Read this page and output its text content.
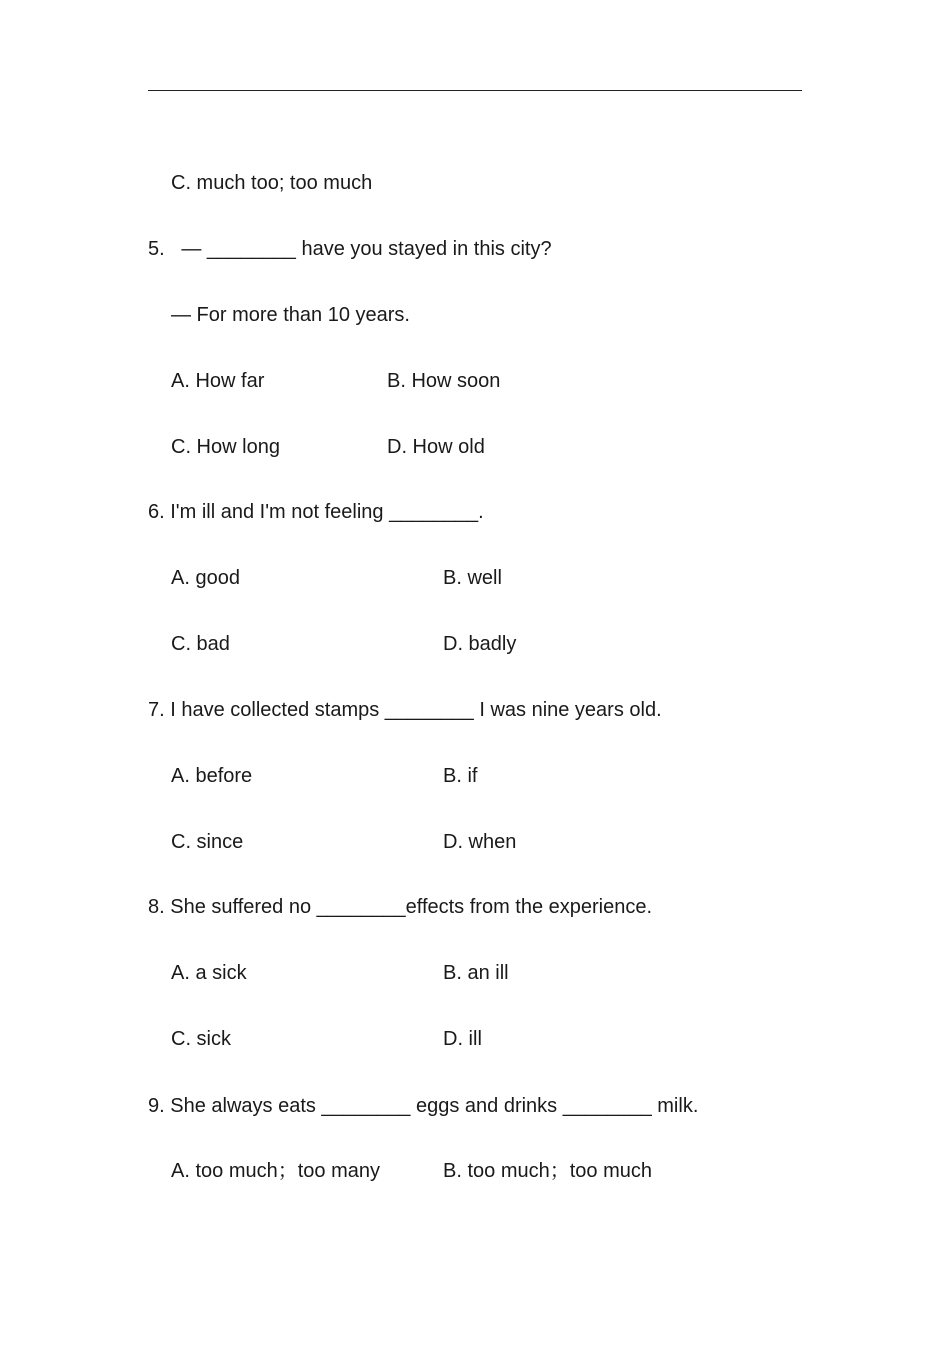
C. much too; too much
5.   — ________ have you stayed in this city?
— For more than 10 years.
A. How far	B. How soon
C. How long	D. How old
6. I'm ill and I'm not feeling ________.
A. good	B. well
C. bad	D. badly
7. I have collected stamps ________ I was nine years old.
A. before	B. if
C. since	D. when
8. She suffered no ________effects from the experience.
A. a sick	B. an ill
C. sick	D. ill
9. She always eats ________ eggs and drinks ________ milk.
A. too much；too many	B. too much；too much
